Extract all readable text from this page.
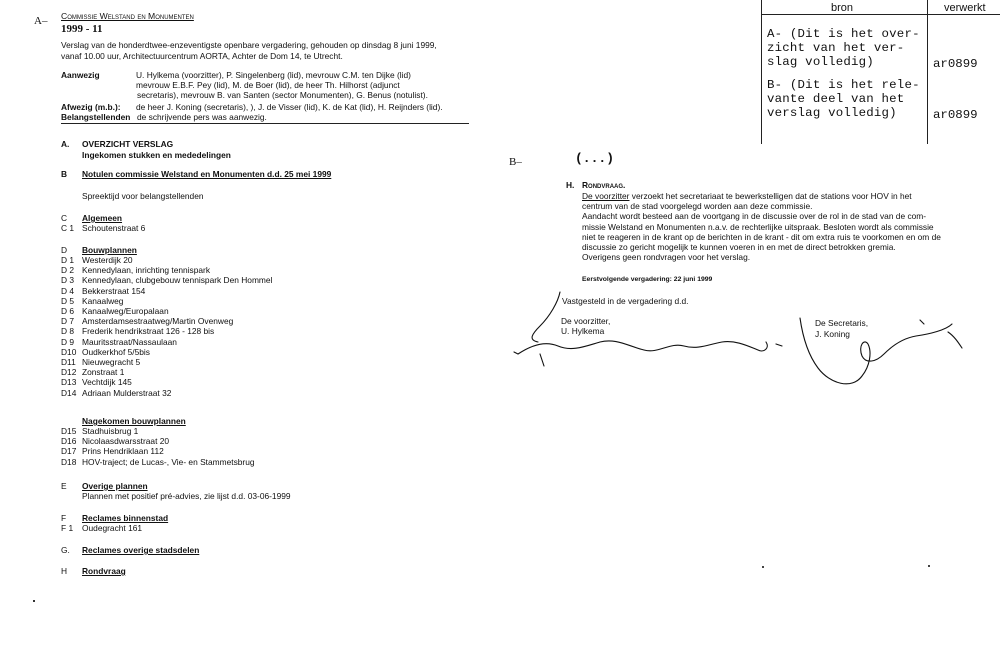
A– Commissie Welstand en Monumenten
1999 - 11
Verslag van de honderdtwee-enzeventigste openbare vergadering, gehouden op dinsdag 8 juni 1999,
vanaf 10.00 uur, Architectuurcentrum AORTA, Achter de Dom 14, te Utrecht.
Aanwezig	U. Hylkema (voorzitter), P. Singelenberg (lid), mevrouw C.M. ten Dijke (lid)
mevrouw E.B.F. Pey (lid), M. de Boer (lid), de heer Th. Hilhorst (adjunct
secretaris), mevrouw B. van Santen (sector Monumenten), G. Benus (notulist).
Afwezig (m.b.): de heer J. Koning (secretaris), ), J. de Visser (lid), K. de Kat (lid), H. Reijnders (lid).
Belangstellenden de schrijvende pers was aanwezig.
A. OVERZICHT VERSLAG
Ingekomen stukken en mededelingen
B Notulen commissie Welstand en Monumenten d.d. 25 mei 1999
Spreektijd voor belangstellenden
C Algemeen
C 1 Schoutenstraat 6
D Bouwplannen
D 1 Westerdijk 20
D 2 Kennedylaan, inrichting tennispark
D 3 Kennedylaan, clubgebouw tennispark Den Hommel
D 4 Bekkerstraat 154
D 5 Kanaalweg
D 6 Kanaalweg/Europalaan
D 7 Amsterdamsestraatweg/Martin Ovenweg
D 8 Frederik hendrikstraat 126 - 128 bis
D 9 Mauritsstraat/Nassaulaan
D10 Oudkerkhof 5/5bis
D11 Nieuwegracht 5
D12 Zonstraat 1
D13 Vechtdijk 145
D14 Adriaan Mulderstraat 32
Nagekomen bouwplannen
D15 Stadhuisbrug 1
D16 Nicolaasdwarsstraat 20
D17 Prins Hendriklaan 112
D18 HOV-traject; de Lucas-, Vie- en Stammetsbrug
E Overige plannen
Plannen met positief pré-advies, zie lijst d.d. 03-06-1999
F Reclames binnenstad
F 1 Oudegracht 161
G. Reclames overige stadsdelen
H Rondvraag
B–	(...)
H. Rondvraag.
De voorzitter verzoekt het secretariaat te bewerkstelligen dat de stations voor HOV in het
centrum van de stad voorgelegd worden aan deze commissie.
Aandacht wordt besteed aan de voortgang in de discussie over de rol in de stad van de com-
missie Welstand en Monumenten n.a.v. de rechterlijke uitspraak. Besloten wordt als commissie
niet te reageren in de krant op de berichten in de krant - dit om extra ruis te voorkomen en om de
discussie zo gericht mogelijk te kunnen voeren in en met de direct betrokken gremia.
Overigens geen rondvragen voor het verslag.
Eerstvolgende vergadering: 22 juni 1999
Vastgesteld in de vergadering d.d.
De voorzitter,
U. Hylkema
De Secretaris,
J. Koning
bron	verwerkt
A- (Dit is het over-
zicht van het ver-
slag volledig)	ar0899
B- (Dit is het rele-
vante deel van het
verslag volledig)	ar0899
